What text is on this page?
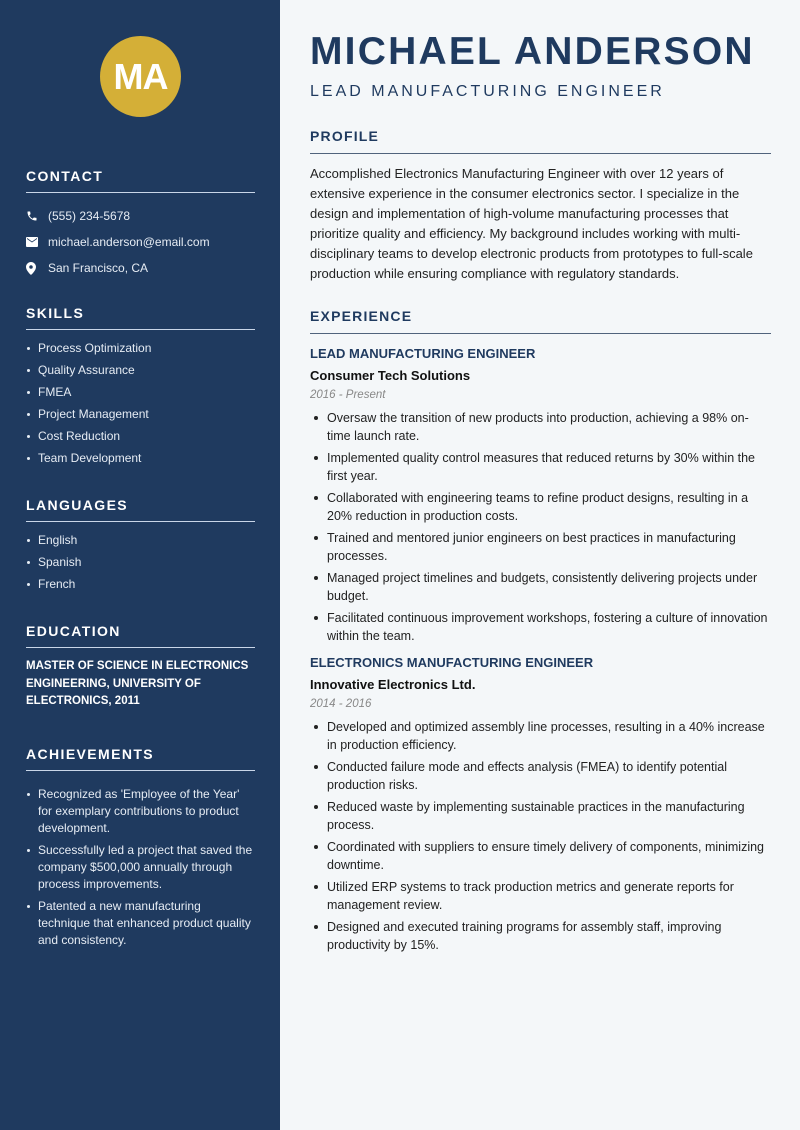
MA
CONTACT
(555) 234-5678
michael.anderson@email.com
San Francisco, CA
SKILLS
Process Optimization
Quality Assurance
FMEA
Project Management
Cost Reduction
Team Development
LANGUAGES
English
Spanish
French
EDUCATION

MASTER OF SCIENCE IN ELECTRONICS ENGINEERING, UNIVERSITY OF ELECTRONICS, 2011

ACHIEVEMENTS
Recognized as 'Employee of the Year' for exemplary contributions to product development.
Successfully led a project that saved the company $500,000 annually through process improvements.
Patented a new manufacturing technique that enhanced product quality and consistency.
MICHAEL ANDERSON
LEAD MANUFACTURING ENGINEER
PROFILE

Accomplished Electronics Manufacturing Engineer with over 12 years of extensive experience in the consumer electronics sector. I specialize in the design and implementation of high-volume manufacturing processes that prioritize quality and efficiency. My background includes working with multi-disciplinary teams to develop electronic products from prototypes to full-scale production while ensuring compliance with regulatory standards.

EXPERIENCE
LEAD MANUFACTURING ENGINEER
Consumer Tech Solutions
2016 - Present
Oversaw the transition of new products into production, achieving a 98% on-time launch rate.
Implemented quality control measures that reduced returns by 30% within the first year.
Collaborated with engineering teams to refine product designs, resulting in a 20% reduction in production costs.
Trained and mentored junior engineers on best practices in manufacturing processes.
Managed project timelines and budgets, consistently delivering projects under budget.
Facilitated continuous improvement workshops, fostering a culture of innovation within the team.
ELECTRONICS MANUFACTURING ENGINEER
Innovative Electronics Ltd.
2014 - 2016
Developed and optimized assembly line processes, resulting in a 40% increase in production efficiency.
Conducted failure mode and effects analysis (FMEA) to identify potential production risks.
Reduced waste by implementing sustainable practices in the manufacturing process.
Coordinated with suppliers to ensure timely delivery of components, minimizing downtime.
Utilized ERP systems to track production metrics and generate reports for management review.
Designed and executed training programs for assembly staff, improving productivity by 15%.
